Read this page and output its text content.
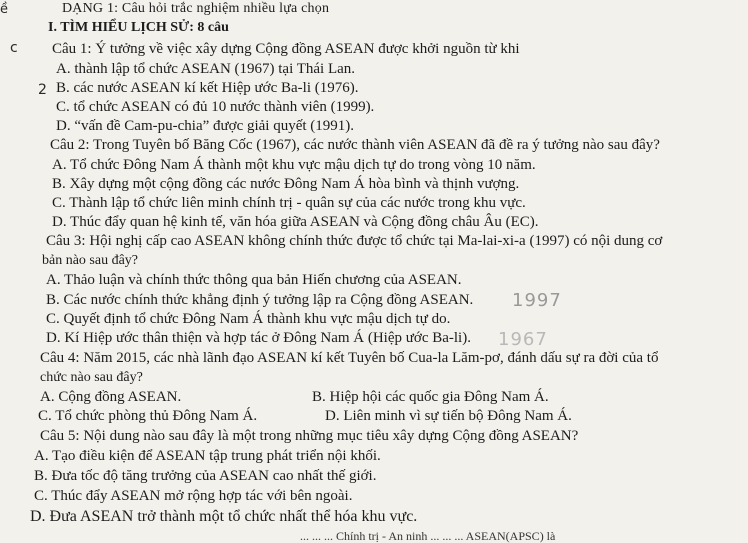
ề
c
2
DẠNG 1: Câu hỏi trắc nghiệm nhiều lựa chọn
I. TÌM HIỂU LỊCH SỬ: 8 câu
Câu 1: Ý tưởng về việc xây dựng Cộng đồng ASEAN được khởi nguồn từ khi
A. thành lập tổ chức ASEAN (1967) tại Thái Lan.
B. các nước ASEAN kí kết Hiệp ước Ba-li (1976).
C. tổ chức ASEAN có đủ 10 nước thành viên (1999).
D. “vấn đề Cam-pu-chia” được giải quyết (1991).
Câu 2: Trong Tuyên bố Băng Cốc (1967), các nước thành viên ASEAN đã đề ra ý tưởng nào sau đây?
A. Tổ chức Đông Nam Á thành một khu vực mậu dịch tự do trong vòng 10 năm.
B. Xây dựng một cộng đồng các nước Đông Nam Á hòa bình và thịnh vượng.
C. Thành lập tổ chức liên minh chính trị - quân sự của các nước trong khu vực.
D. Thúc đẩy quan hệ kinh tế, văn hóa giữa ASEAN và Cộng đồng châu Âu (EC).
Câu 3: Hội nghị cấp cao ASEAN không chính thức được tổ chức tại Ma-lai-xi-a (1997) có nội dung cơ
bản nào sau đây?
A. Thảo luận và chính thức thông qua bản Hiến chương của ASEAN.
B. Các nước chính thức khẳng định ý tưởng lập ra Cộng đồng ASEAN. 1997
C. Quyết định tổ chức Đông Nam Á thành khu vực mậu dịch tự do.
D. Kí Hiệp ước thân thiện và hợp tác ở Đông Nam Á (Hiệp ước Ba-li). 1967
Câu 4: Năm 2015, các nhà lãnh đạo ASEAN kí kết Tuyên bố Cua-la Lăm-pơ, đánh dấu sự ra đời của tổ
chức nào sau đây?
A. Cộng đồng ASEAN.	B. Hiệp hội các quốc gia Đông Nam Á.
C. Tổ chức phòng thủ Đông Nam Á.	D. Liên minh vì sự tiến bộ Đông Nam Á.
Câu 5: Nội dung nào sau đây là một trong những mục tiêu xây dựng Cộng đồng ASEAN?
A. Tạo điều kiện để ASEAN tập trung phát triển nội khối.
B. Đưa tốc độ tăng trưởng của ASEAN cao nhất thế giới.
C. Thúc đẩy ASEAN mở rộng hợp tác với bên ngoài.
D. Đưa ASEAN trở thành một tổ chức nhất thể hóa khu vực.
... ... ... Chính trị - An ninh ... ... ... ASEAN(APSC) là
